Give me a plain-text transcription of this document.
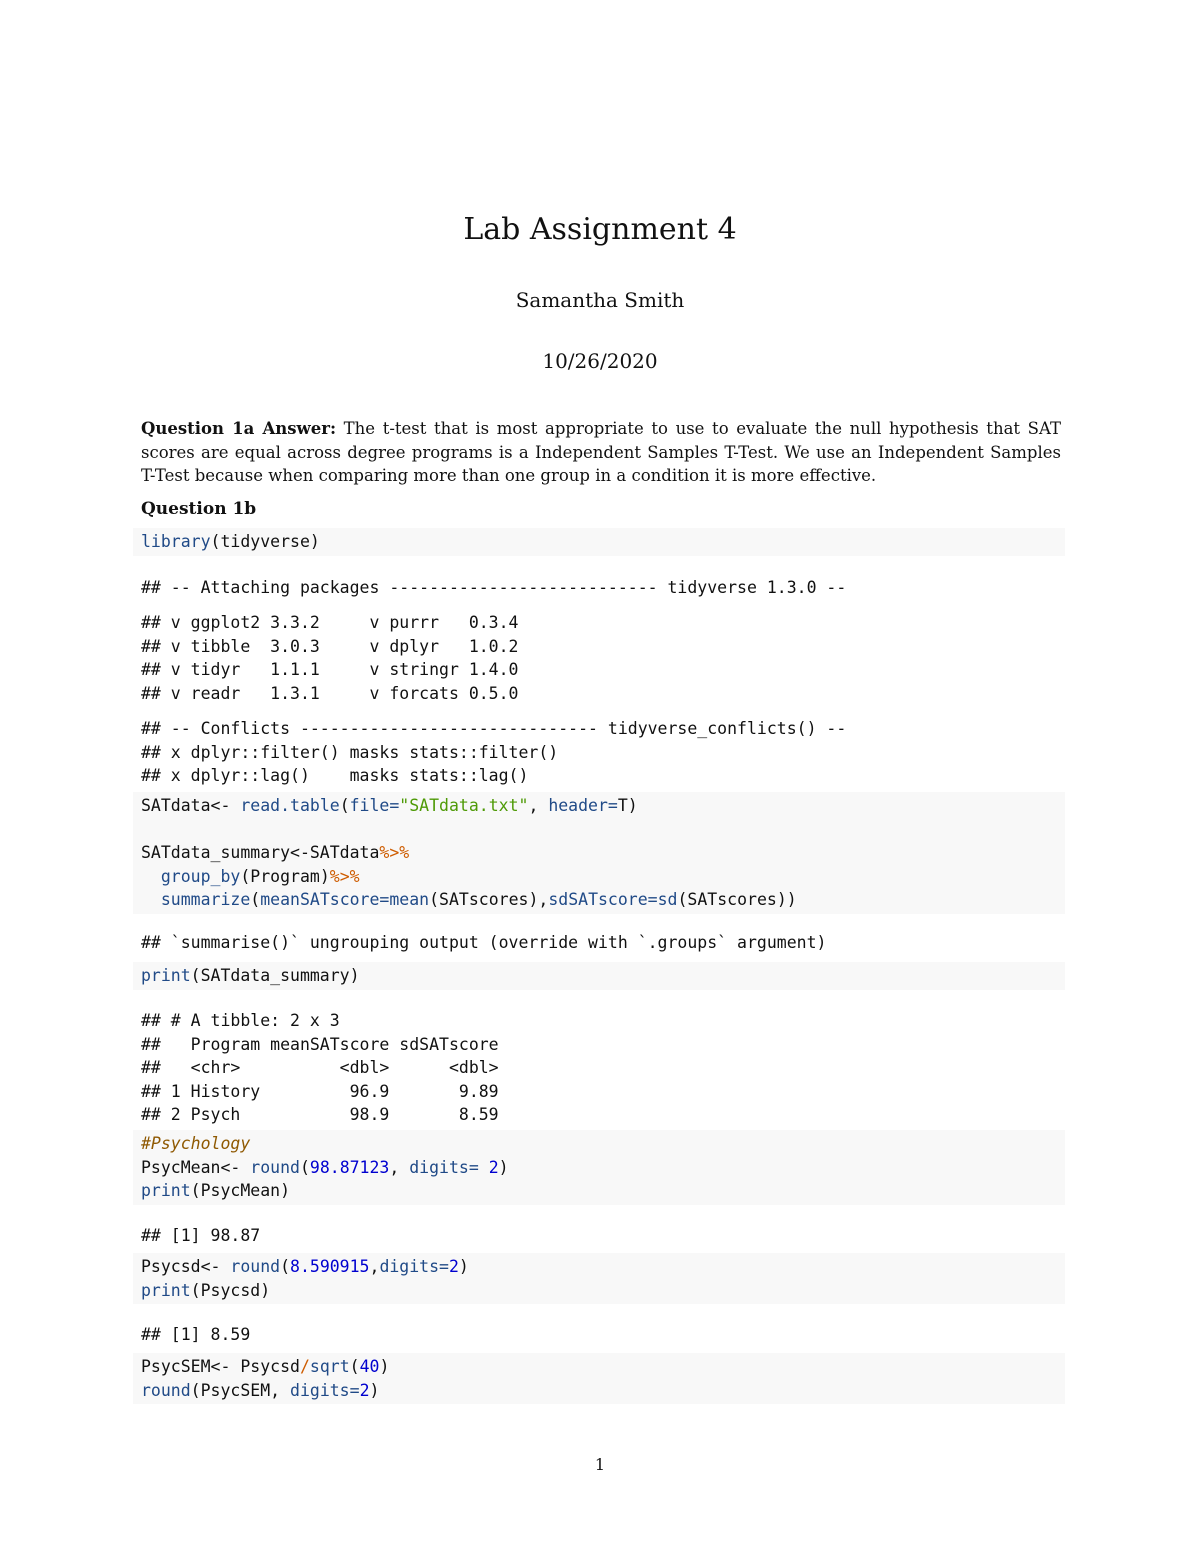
Lab Assignment 4
Samantha Smith
10/26/2020

Question 1a Answer: The t-test that is most appropriate to use to evaluate the null hypothesis that SAT scores are equal across degree programs is a Independent Samples T-Test. We use an Independent Samples T-Test because when comparing more than one group in a condition it is more effective.

Question 1b
library(tidyverse)
## -- Attaching packages --------------------------- tidyverse 1.3.0 --
## v ggplot2 3.3.2     v purrr   0.3.4
## v tibble  3.0.3     v dplyr   1.0.2
## v tidyr   1.1.1     v stringr 1.4.0
## v readr   1.3.1     v forcats 0.5.0
## -- Conflicts ------------------------------ tidyverse_conflicts() --
## x dplyr::filter() masks stats::filter()
## x dplyr::lag()    masks stats::lag()
SATdata<- read.table(file="SATdata.txt", header=T)
SATdata_summary<-SATdata%>%
group_by(Program)%>%
summarize(meanSATscore=mean(SATscores),sdSATscore=sd(SATscores))
## `summarise()` ungrouping output (override with `.groups` argument)
print(SATdata_summary)
## # A tibble: 2 x 3
##   Program meanSATscore sdSATscore
##   <chr>          <dbl>      <dbl>
## 1 History         96.9       9.89
## 2 Psych           98.9       8.59
#Psychology
PsycMean<- round(98.87123, digits= 2)
print(PsycMean)
## [1] 98.87
Psycsd<- round(8.590915,digits=2)
print(Psycsd)
## [1] 8.59
PsycSEM<- Psycsd/sqrt(40)
round(PsycSEM, digits=2)
1
